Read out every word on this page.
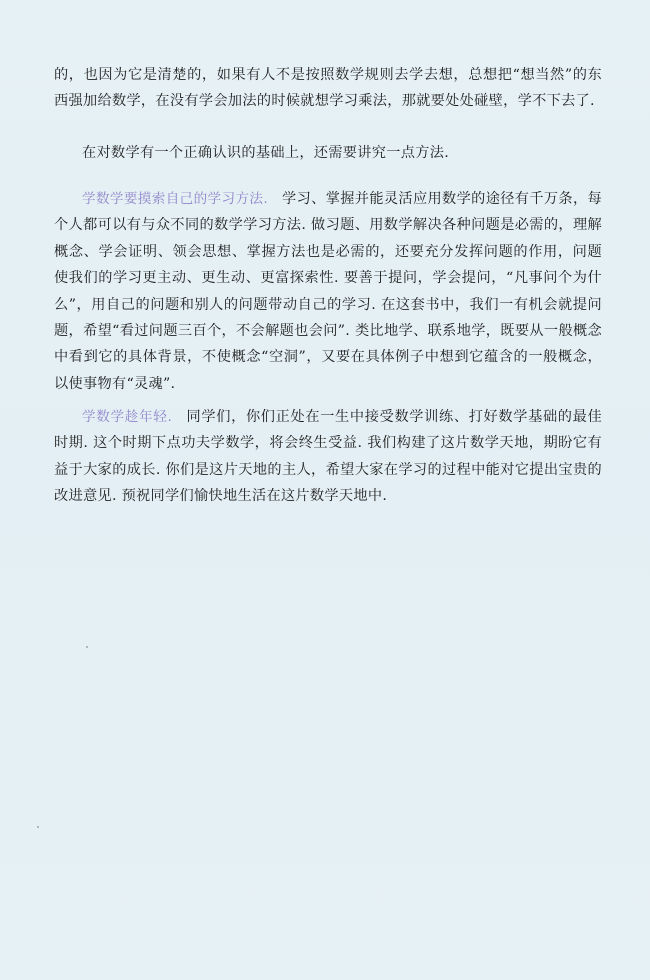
的，也因为它是清楚的，如果有人不是按照数学规则去学去想，总想把“想当然”的东西强加给数学，在没有学会加法的时候就想学习乘法，那就要处处碰壁，学不下去了.

在对数学有一个正确认识的基础上，还需要讲究一点方法.

学数学要摸索自己的学习方法. 学习、掌握并能灵活应用数学的途径有千万条，每个人都可以有与众不同的数学学习方法. 做习题、用数学解决各种问题是必需的，理解概念、学会证明、领会思想、掌握方法也是必需的，还要充分发挥问题的作用，问题使我们的学习更主动、更生动、更富探索性. 要善于提问，学会提问，“凡事问个为什么”，用自己的问题和别人的问题带动自己的学习. 在这套书中，我们一有机会就提问题，希望“看过问题三百个，不会解题也会问”. 类比地学、联系地学，既要从一般概念中看到它的具体背景，不使概念“空洞”，又要在具体例子中想到它蕴含的一般概念，以使事物有“灵魂”.

学数学趁年轻. 同学们，你们正处在一生中接受数学训练、打好数学基础的最佳时期. 这个时期下点功夫学数学，将会终生受益. 我们构建了这片数学天地，期盼它有益于大家的成长. 你们是这片天地的主人，希望大家在学习的过程中能对它提出宝贵的改进意见. 预祝同学们愉快地生活在这片数学天地中.
